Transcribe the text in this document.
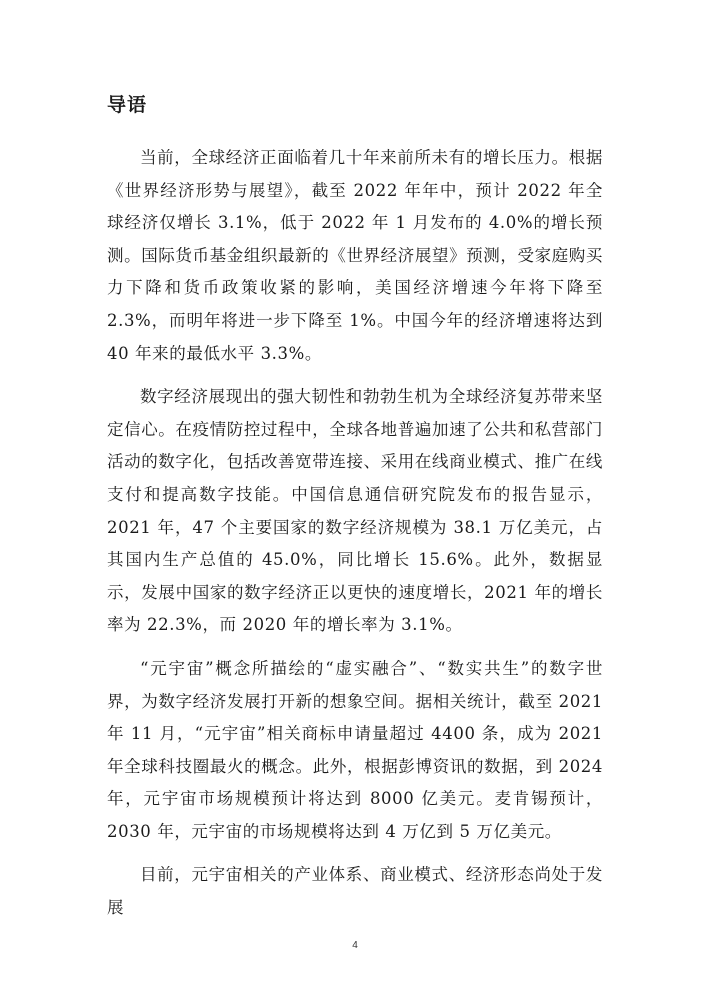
导语

当前，全球经济正面临着几十年来前所未有的增长压力。根据《世界经济形势与展望》，截至 2022 年年中，预计 2022 年全球经济仅增长 3.1%，低于 2022 年 1 月发布的 4.0%的增长预测。国际货币基金组织最新的《世界经济展望》预测，受家庭购买力下降和货币政策收紧的影响，美国经济增速今年将下降至 2.3%，而明年将进一步下降至 1%。中国今年的经济增速将达到 40 年来的最低水平 3.3%。

数字经济展现出的强大韧性和勃勃生机为全球经济复苏带来坚定信心。在疫情防控过程中，全球各地普遍加速了公共和私营部门活动的数字化，包括改善宽带连接、采用在线商业模式、推广在线支付和提高数字技能。中国信息通信研究院发布的报告显示，2021 年，47 个主要国家的数字经济规模为 38.1 万亿美元，占其国内生产总值的 45.0%，同比增长 15.6%。此外，数据显示，发展中国家的数字经济正以更快的速度增长，2021 年的增长率为 22.3%，而 2020 年的增长率为 3.1%。

“元宇宙”概念所描绘的“虚实融合”、“数实共生”的数字世界，为数字经济发展打开新的想象空间。据相关统计，截至 2021 年 11 月，“元宇宙”相关商标申请量超过 4400 条，成为 2021 年全球科技圈最火的概念。此外，根据彭博资讯的数据，到 2024 年，元宇宙市场规模预计将达到 8000 亿美元。麦肯锡预计，2030 年，元宇宙的市场规模将达到 4 万亿到 5 万亿美元。

目前，元宇宙相关的产业体系、商业模式、经济形态尚处于发展

4
